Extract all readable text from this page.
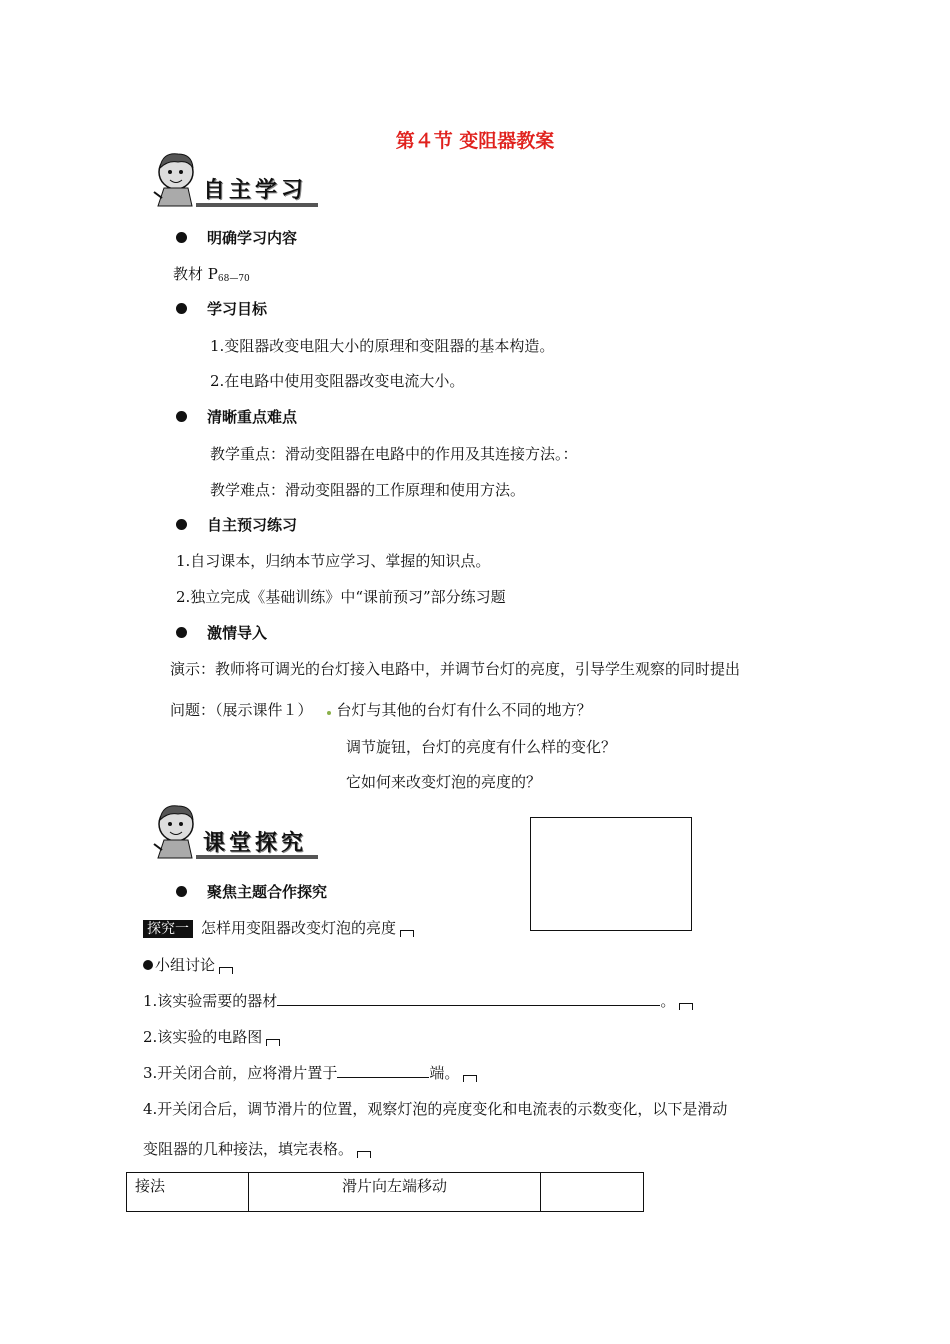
第４节 变阻器教案
自主学习
明确学习内容
教材 P68—70
学习目标
1.变阻器改变电阻大小的原理和变阻器的基本构造。
2.在电路中使用变阻器改变电流大小。
清晰重点难点
教学重点：滑动变阻器在电路中的作用及其连接方法。：
教学难点：滑动变阻器的工作原理和使用方法。
自主预习练习
1.自习课本，归纳本节应学习、掌握的知识点。
2.独立完成《基础训练》中“课前预习”部分练习题
激情导入
演示：教师将可调光的台灯接入电路中，并调节台灯的亮度，引导学生观察的同时提出
问题：（展示课件１） 台灯与其他的台灯有什么不同的地方？
调节旋钮，台灯的亮度有什么样的变化？
它如何来改变灯泡的亮度的？
课堂探究
聚焦主题合作探究
探究一 怎样用变阻器改变灯泡的亮度
小组讨论
1.该实验需要的器材	。
2.该实验的电路图
3.开关闭合前，应将滑片置于	端。
4.开关闭合后，调节滑片的位置，观察灯泡的亮度变化和电流表的示数变化，以下是滑动
变阻器的几种接法，填完表格。
接法	滑片向左端移动	
